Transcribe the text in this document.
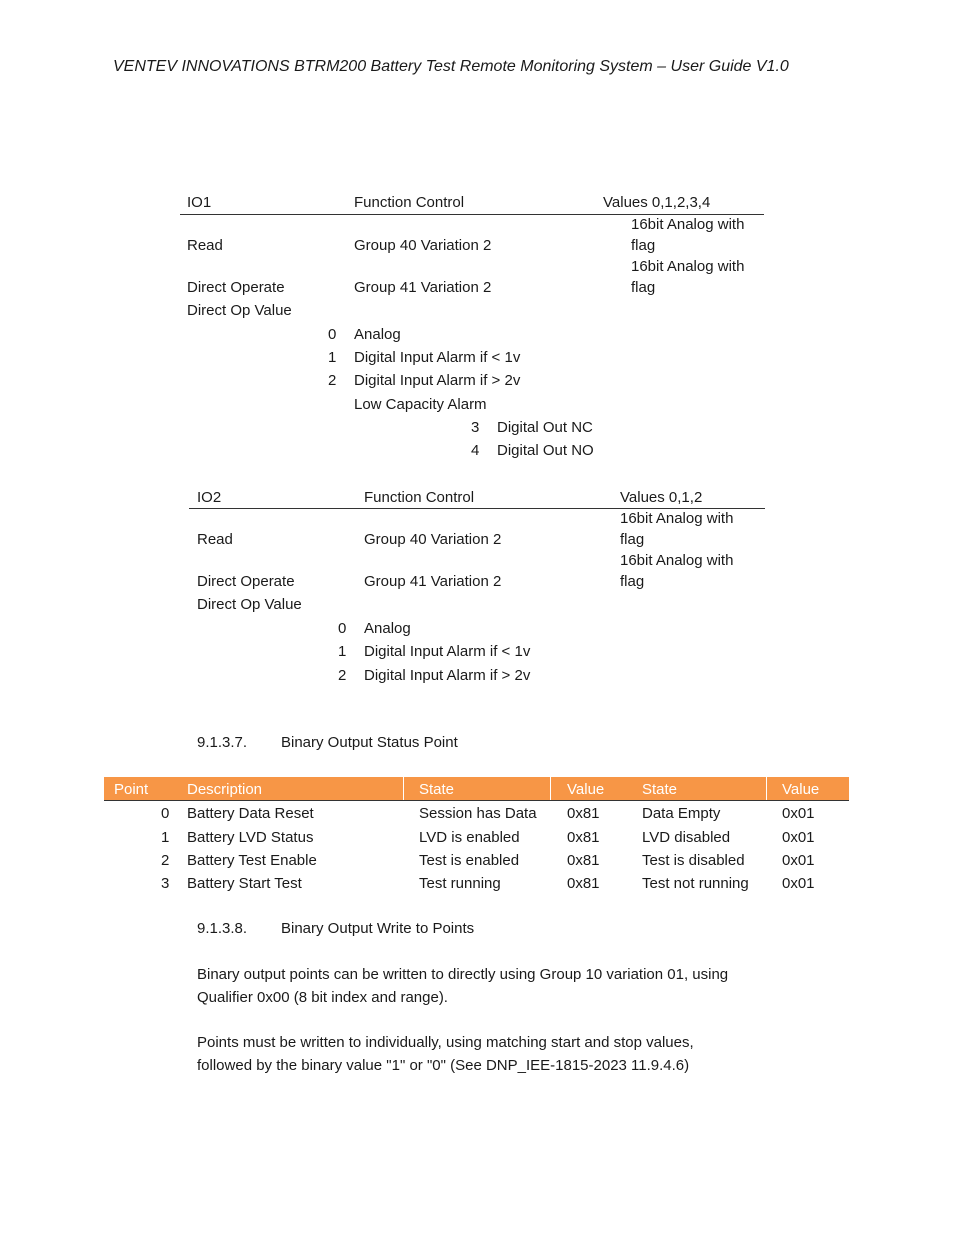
VENTEV INNOVATIONS BTRM200 Battery Test Remote Monitoring System – User Guide V1.0
IO1	Function Control	Values 0,1,2,3,4
16bit Analog with
Read	Group 40 Variation 2	flag
16bit Analog with
Direct Operate	Group 41 Variation 2	flag
Direct Op Value
0 Analog
1 Digital Input Alarm if < 1v
2 Digital Input Alarm if > 2v
Low Capacity Alarm
3 Digital Out NC
4 Digital Out NO
IO2	Function Control	Values 0,1,2
16bit Analog with
Read	Group 40 Variation 2	flag
16bit Analog with
Direct Operate	Group 41 Variation 2	flag
Direct Op Value
0 Analog
1 Digital Input Alarm if < 1v
2 Digital Input Alarm if > 2v
9.1.3.7. Binary Output Status Point
Point	Description	State	Value	State	Value
0 Battery Data Reset	Session has Data 0x81	Data Empty	0x01
1 Battery LVD Status	LVD is enabled	0x81	LVD disabled	0x01
2 Battery Test Enable	Test is enabled	0x81	Test is disabled 0x01
3 Battery Start Test	Test running	0x81	Test not running 0x01
9.1.3.8. Binary Output Write to Points
Binary output points can be written to directly using Group 10 variation 01, using
Qualifier 0x00 (8 bit index and range).
Points must be written to individually, using matching start and stop values,
followed by the binary value "1" or "0" (See DNP_IEE-1815-2023 11.9.4.6)
